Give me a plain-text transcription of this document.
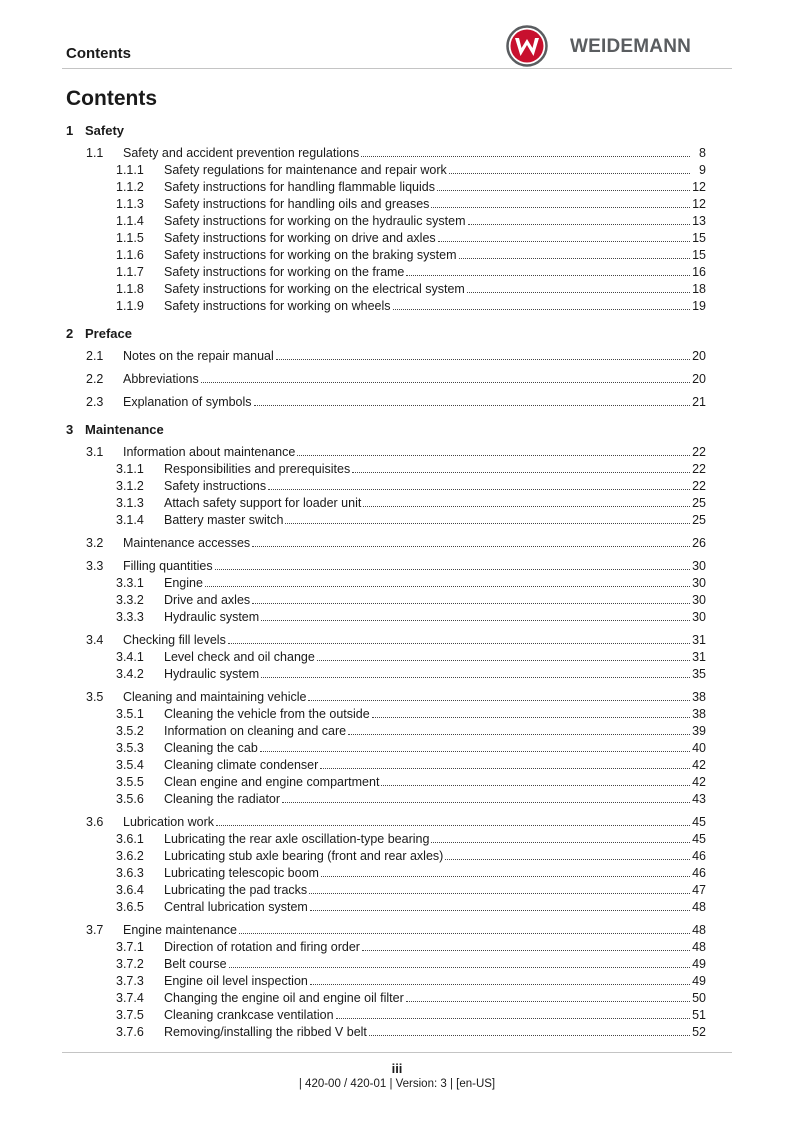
Contents	WEIDEMANN
Contents
1 Safety
1.1	Safety and accident prevention regulations	8
1.1.1	Safety regulations for maintenance and repair work	9
1.1.2	Safety instructions for handling flammable liquids	12
1.1.3	Safety instructions for handling oils and greases	12
1.1.4	Safety instructions for working on the hydraulic system	13
1.1.5	Safety instructions for working on drive and axles	15
1.1.6	Safety instructions for working on the braking system	15
1.1.7	Safety instructions for working on the frame	16
1.1.8	Safety instructions for working on the electrical system	18
1.1.9	Safety instructions for working on wheels	19
2 Preface
2.1	Notes on the repair manual	20
2.2	Abbreviations	20
2.3	Explanation of symbols	21
3 Maintenance
3.1	Information about maintenance	22
3.1.1	Responsibilities and prerequisites	22
3.1.2	Safety instructions	22
3.1.3	Attach safety support for loader unit	25
3.1.4	Battery master switch	25
3.2	Maintenance accesses	26
3.3	Filling quantities	30
3.3.1	Engine	30
3.3.2	Drive and axles	30
3.3.3	Hydraulic system	30
3.4	Checking fill levels	31
3.4.1	Level check and oil change	31
3.4.2	Hydraulic system	35
3.5	Cleaning and maintaining vehicle	38
3.5.1	Cleaning the vehicle from the outside	38
3.5.2	Information on cleaning and care	39
3.5.3	Cleaning the cab	40
3.5.4	Cleaning climate condenser	42
3.5.5	Clean engine and engine compartment	42
3.5.6	Cleaning the radiator	43
3.6	Lubrication work	45
3.6.1	Lubricating the rear axle oscillation-type bearing	45
3.6.2	Lubricating stub axle bearing (front and rear axles)	46
3.6.3	Lubricating telescopic boom	46
3.6.4	Lubricating the pad tracks	47
3.6.5	Central lubrication system	48
3.7	Engine maintenance	48
3.7.1	Direction of rotation and firing order	48
3.7.2	Belt course	49
3.7.3	Engine oil level inspection	49
3.7.4	Changing the engine oil and engine oil filter	50
3.7.5	Cleaning crankcase ventilation	51
3.7.6	Removing/installing the ribbed V belt	52
iii
| 420-00 / 420-01 | Version: 3 | [en-US]
